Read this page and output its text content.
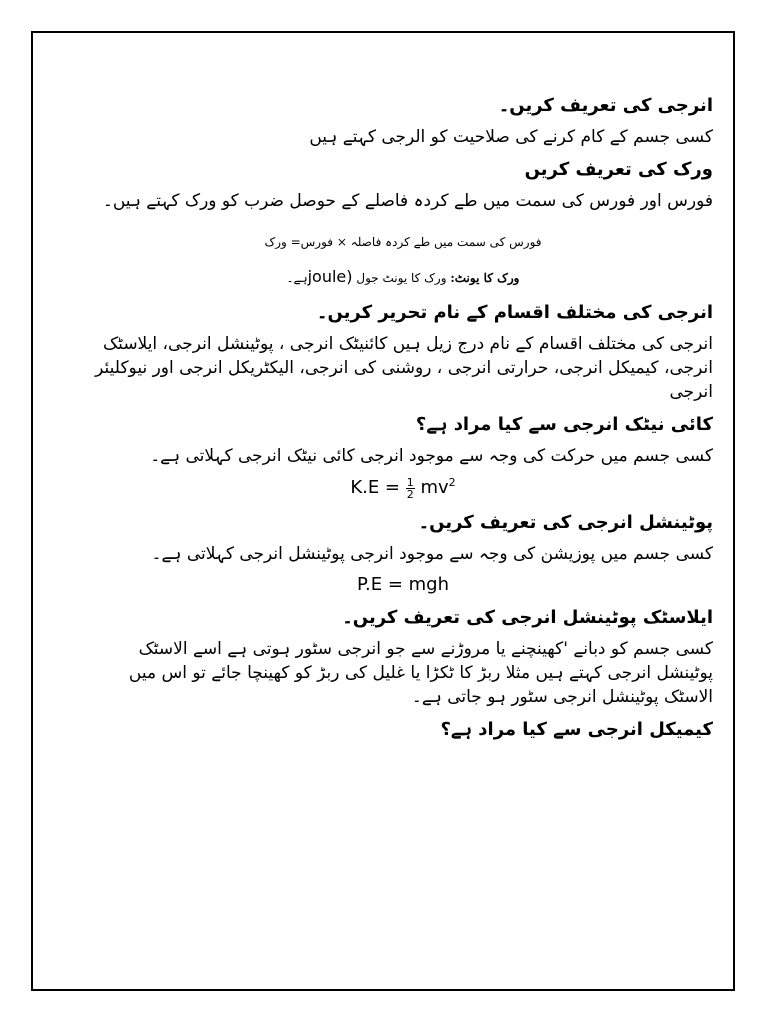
انرجی کی تعریف کریں۔
کسی جسم کے کام کرنے کی صلاحیت کو الرجی کہتے ہیں
ورک کی تعریف کریں
فورس اور فورس کی سمت میں طے کردہ فاصلے کے حوصل ضرب کو ورک کہتے ہیں۔
فورس کی سمت میں طے کردہ فاصلہ × فورس= ورک
ورک کا یونٹ: ورک کا یونٹ جول (jouleہے۔
انرجی کی مختلف اقسام کے نام تحریر کریں۔
انرجی کی مختلف اقسام کے نام درج زیل ہیں کائنیٹک انرجی ، پوٹینشل انرجی، ایلاسٹک انرجی، کیمیکل انرجی، حرارتی انرجی ، روشنی کی انرجی، الیکٹریکل انرجی اور نیوکلیئر انرجی
کائی نیٹک انرجی سے کیا مراد ہے؟
کسی جسم میں حرکت کی وجہ سے موجود انرجی کائی نیٹک انرجی کہلاتی ہے۔
$K.E = \frac{1}{2} mv^2$
پوٹینشل انرجی کی تعریف کریں۔
کسی جسم میں پوزیشن کی وجہ سے موجود انرجی پوٹینشل انرجی کہلاتی ہے۔
P.E = mgh
ایلاسٹک پوٹینشل انرجی کی تعریف کریں۔
کسی جسم کو دبانے 'کھینچنے یا مروڑنے سے جو انرجی سٹور ہوتی ہے اسے الاسٹک پوٹینشل انرجی کہتے ہیں مثلا ربڑ کا ٹکڑا یا غلیل کی ربڑ کو کھینچا جائے تو اس میں الاسٹک پوٹینشل انرجی سٹور ہو جاتی ہے۔
کیمیکل انرجی سے کیا مراد ہے؟
